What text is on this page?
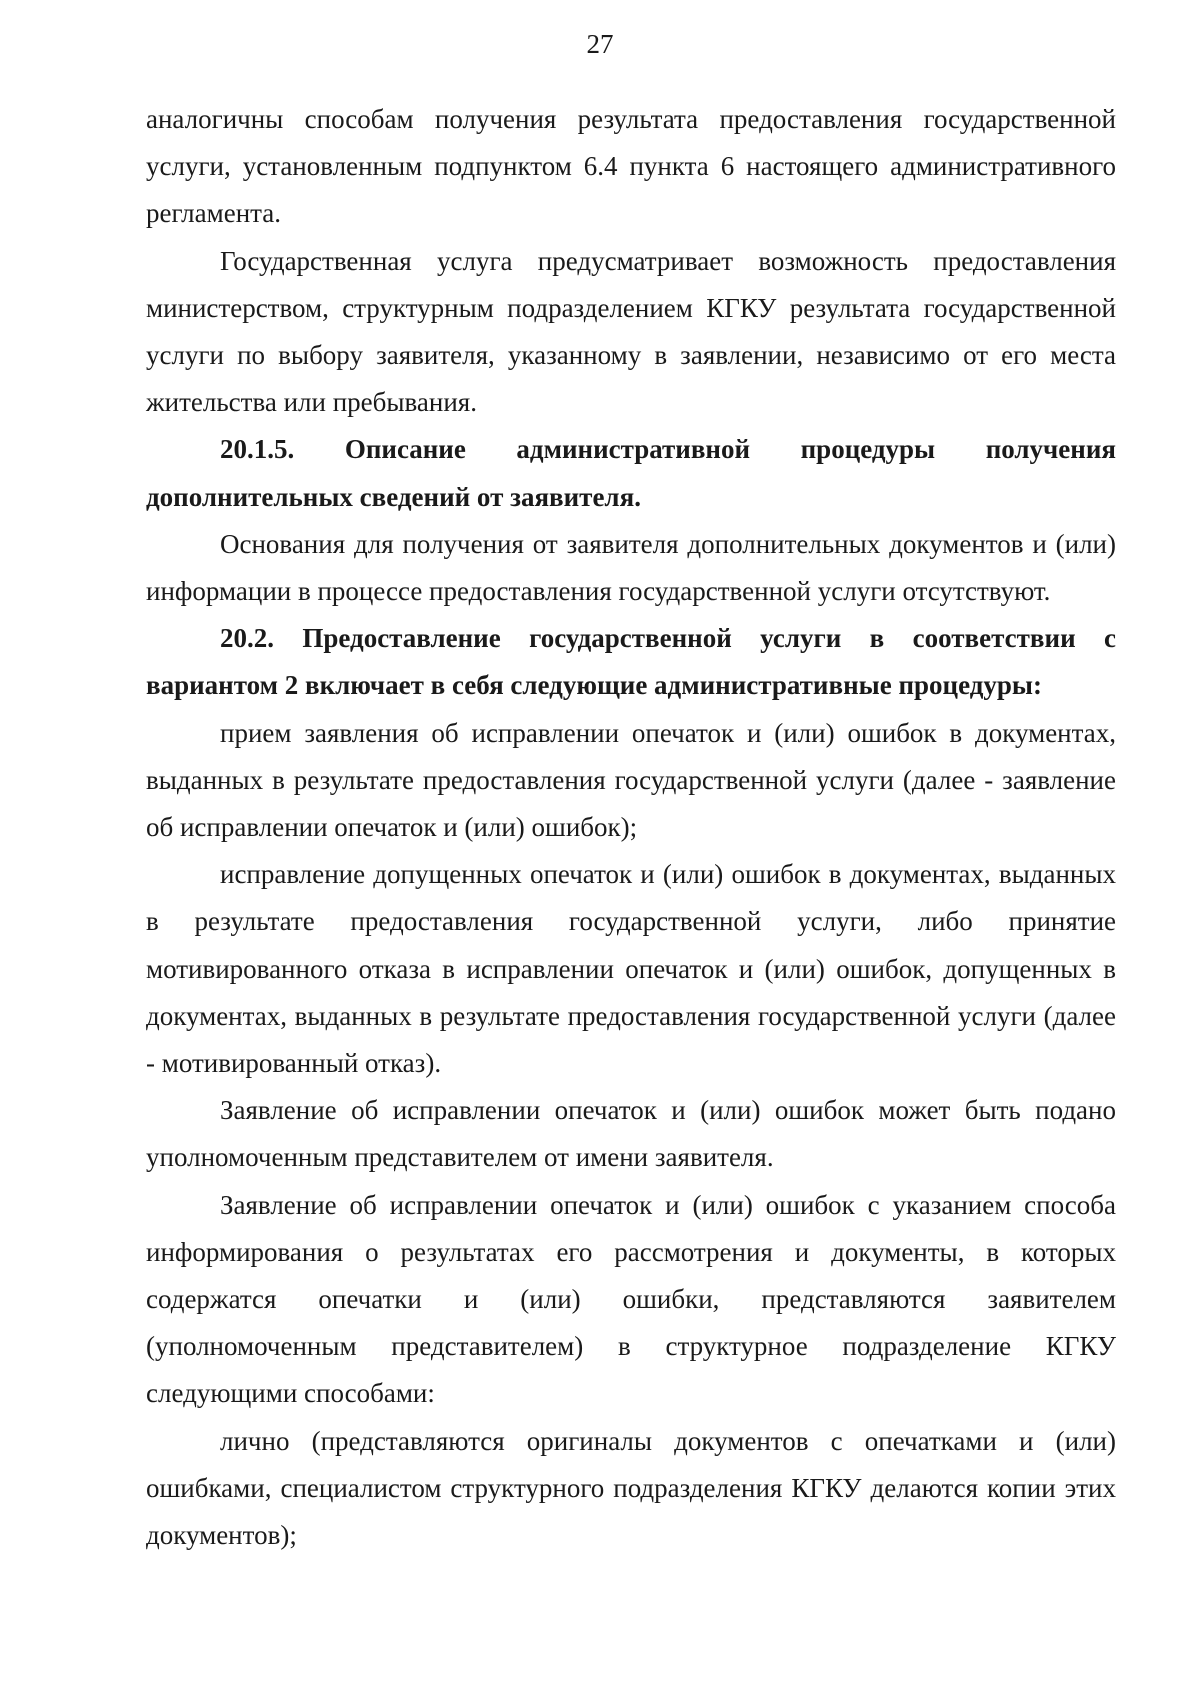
27

аналогичны способам получения результата предоставления государственной услуги, установленным подпунктом 6.4 пункта 6 настоящего административного регламента.

Государственная услуга предусматривает возможность предоставления министерством, структурным подразделением КГКУ результата государственной услуги по выбору заявителя, указанному в заявлении, независимо от его места жительства или пребывания.

20.1.5. Описание административной процедуры получения дополнительных сведений от заявителя.

Основания для получения от заявителя дополнительных документов и (или) информации в процессе предоставления государственной услуги отсутствуют.

20.2. Предоставление государственной услуги в соответствии с вариантом 2 включает в себя следующие административные процедуры:

прием заявления об исправлении опечаток и (или) ошибок в документах, выданных в результате предоставления государственной услуги (далее - заявление об исправлении опечаток и (или) ошибок);

исправление допущенных опечаток и (или) ошибок в документах, выданных в результате предоставления государственной услуги, либо принятие мотивированного отказа в исправлении опечаток и (или) ошибок, допущенных в документах, выданных в результате предоставления государственной услуги (далее - мотивированный отказ).

Заявление об исправлении опечаток и (или) ошибок может быть подано уполномоченным представителем от имени заявителя.

Заявление об исправлении опечаток и (или) ошибок с указанием способа информирования о результатах его рассмотрения и документы, в которых содержатся опечатки и (или) ошибки, представляются заявителем (уполномоченным представителем) в структурное подразделение КГКУ следующими способами:

лично (представляются оригиналы документов с опечатками и (или) ошибками, специалистом структурного подразделения КГКУ делаются копии этих документов);
